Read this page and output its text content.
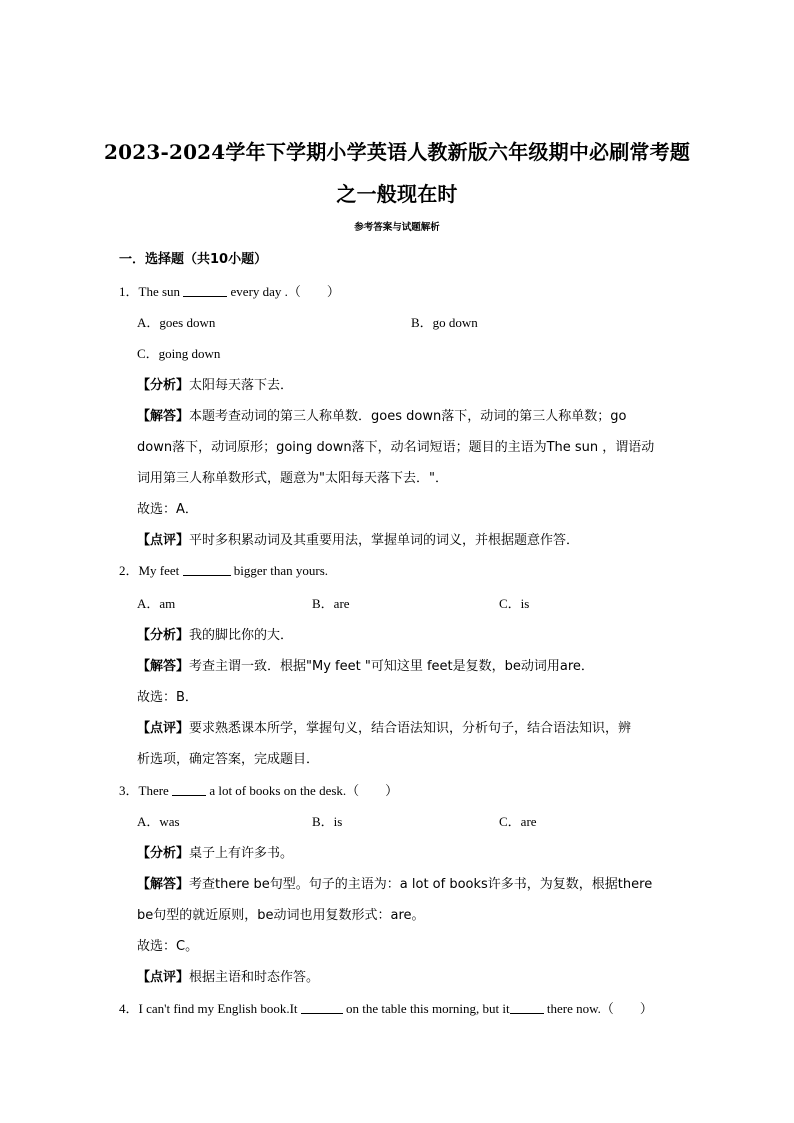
2023-2024学年下学期小学英语人教新版六年级期中必刷常考题
之一般现在时
参考答案与试题解析
一．选择题（共10小题）
1．The sun	every day .（　　）
A．goes down	B．go down
C．going down
【分析】太阳每天落下去．
【解答】本题考查动词的第三人称单数．goes down落下，动词的第三人称单数；go
down落下，动词原形；going down落下，动名词短语；题目的主语为The sun ，谓语动
词用第三人称单数形式，题意为"太阳每天落下去．"．
故选：A．
【点评】平时多积累动词及其重要用法，掌握单词的词义，并根据题意作答．
2．My feet	bigger than yours.
A．am	B．are	C．is
【分析】我的脚比你的大．
【解答】考查主谓一致．根据"My feet "可知这里 feet是复数，be动词用are．
故选：B．
【点评】要求熟悉课本所学，掌握句义，结合语法知识，分析句子，结合语法知识，辨
析选项，确定答案，完成题目．
3．There	a lot of books on the desk.（　　）
A．was	B．is	C．are
【分析】桌子上有许多书。
【解答】考查there be句型。句子的主语为：a lot of books许多书，为复数，根据there
be句型的就近原则，be动词也用复数形式：are。
故选：C。
【点评】根据主语和时态作答。
4．I can't find my English book.It	on the table this morning, but it	there now.（　　）
